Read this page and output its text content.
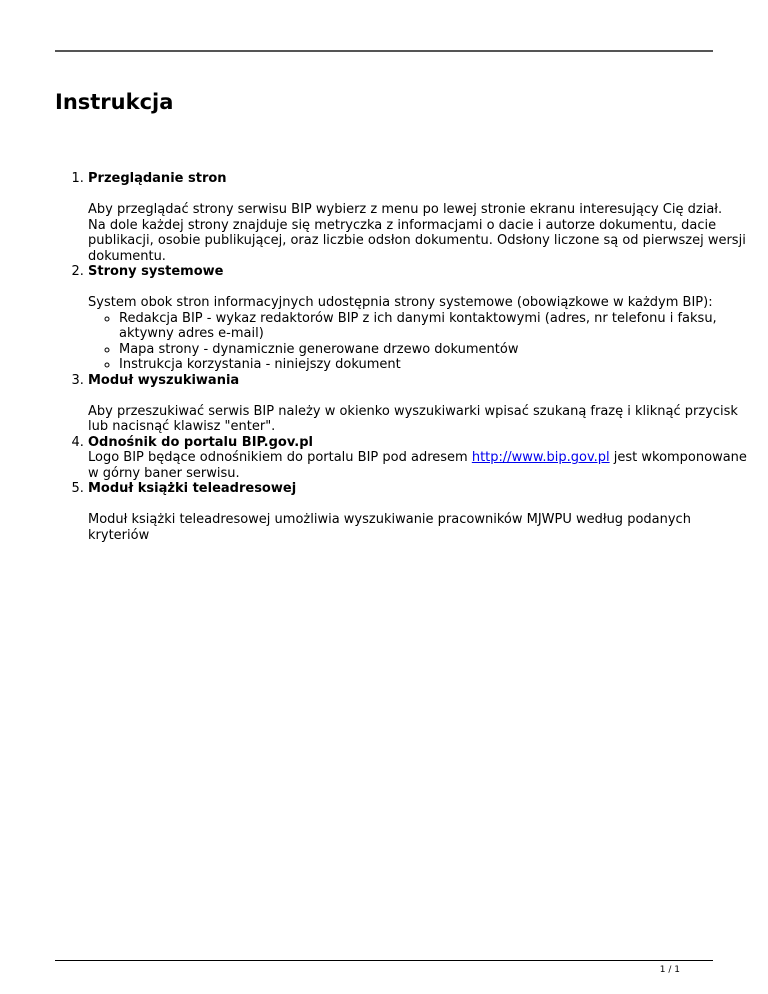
Instrukcja
1. Przeglądanie stron

Aby przeglądać strony serwisu BIP wybierz z menu po lewej stronie ekranu interesujący Cię dział.

Na dole każdej strony znajduje się metryczka z informacjami o dacie i autorze dokumentu, dacie publikacji, osobie publikującej, oraz liczbie odsłon dokumentu. Odsłony liczone są od pierwszej wersji dokumentu.

2. Strony systemowe

System obok stron informacyjnych udostępnia strony systemowe (obowiązkowe w każdym BIP):

◦ Redakcja BIP - wykaz redaktorów BIP z ich danymi kontaktowymi (adres, nr telefonu i faksu, aktywny adres e-mail)
◦ Mapa strony - dynamicznie generowane drzewo dokumentów
◦ Instrukcja korzystania - niniejszy dokument
3. Moduł wyszukiwania

Aby przeszukiwać serwis BIP należy w okienko wyszukiwarki wpisać szukaną frazę i kliknąć przycisk lub nacisnąć klawisz "enter".

4. Odnośnik do portalu BIP.gov.pl

Logo BIP będące odnośnikiem do portalu BIP pod adresem http://www.bip.gov.pl jest wkomponowane w górny baner serwisu.

5. Moduł książki teleadresowej

Moduł książki teleadresowej umożliwia wyszukiwanie pracowników MJWPU według podanych kryteriów

1 / 1
